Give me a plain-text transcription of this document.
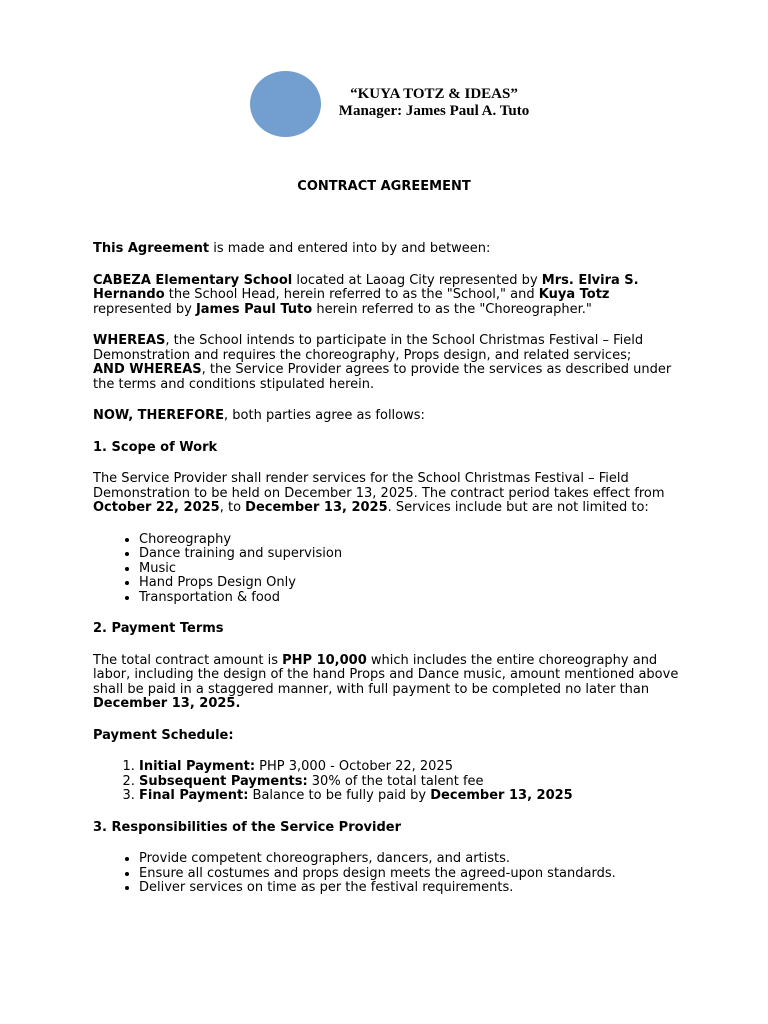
“KUYA TOTZ & IDEAS”
Manager: James Paul A. Tuto
CONTRACT AGREEMENT

This Agreement is made and entered into by and between:

CABEZA Elementary School located at Laoag City represented by Mrs. Elvira S. Hernando the School Head, herein referred to as the "School," and Kuya Totz represented by James Paul Tuto herein referred to as the "Choreographer."

WHEREAS, the School intends to participate in the School Christmas Festival – Field Demonstration and requires the choreography, Props design, and related services;
AND WHEREAS, the Service Provider agrees to provide the services as described under the terms and conditions stipulated herein.

NOW, THEREFORE, both parties agree as follows:

1. Scope of Work

The Service Provider shall render services for the School Christmas Festival – Field Demonstration to be held on December 13, 2025. The contract period takes effect from October 22, 2025, to December 13, 2025. Services include but are not limited to:

• Choreography
• Dance training and supervision
• Music
• Hand Props Design Only
• Transportation & food

2. Payment Terms

The total contract amount is PHP 10,000 which includes the entire choreography and labor, including the design of the hand Props and Dance music, amount mentioned above shall be paid in a staggered manner, with full payment to be completed no later than December 13, 2025.

Payment Schedule:

1. Initial Payment: PHP 3,000 - October 22, 2025
2. Subsequent Payments: 30% of the total talent fee
3. Final Payment: Balance to be fully paid by December 13, 2025

3. Responsibilities of the Service Provider

• Provide competent choreographers, dancers, and artists.
• Ensure all costumes and props design meets the agreed-upon standards.
• Deliver services on time as per the festival requirements.
